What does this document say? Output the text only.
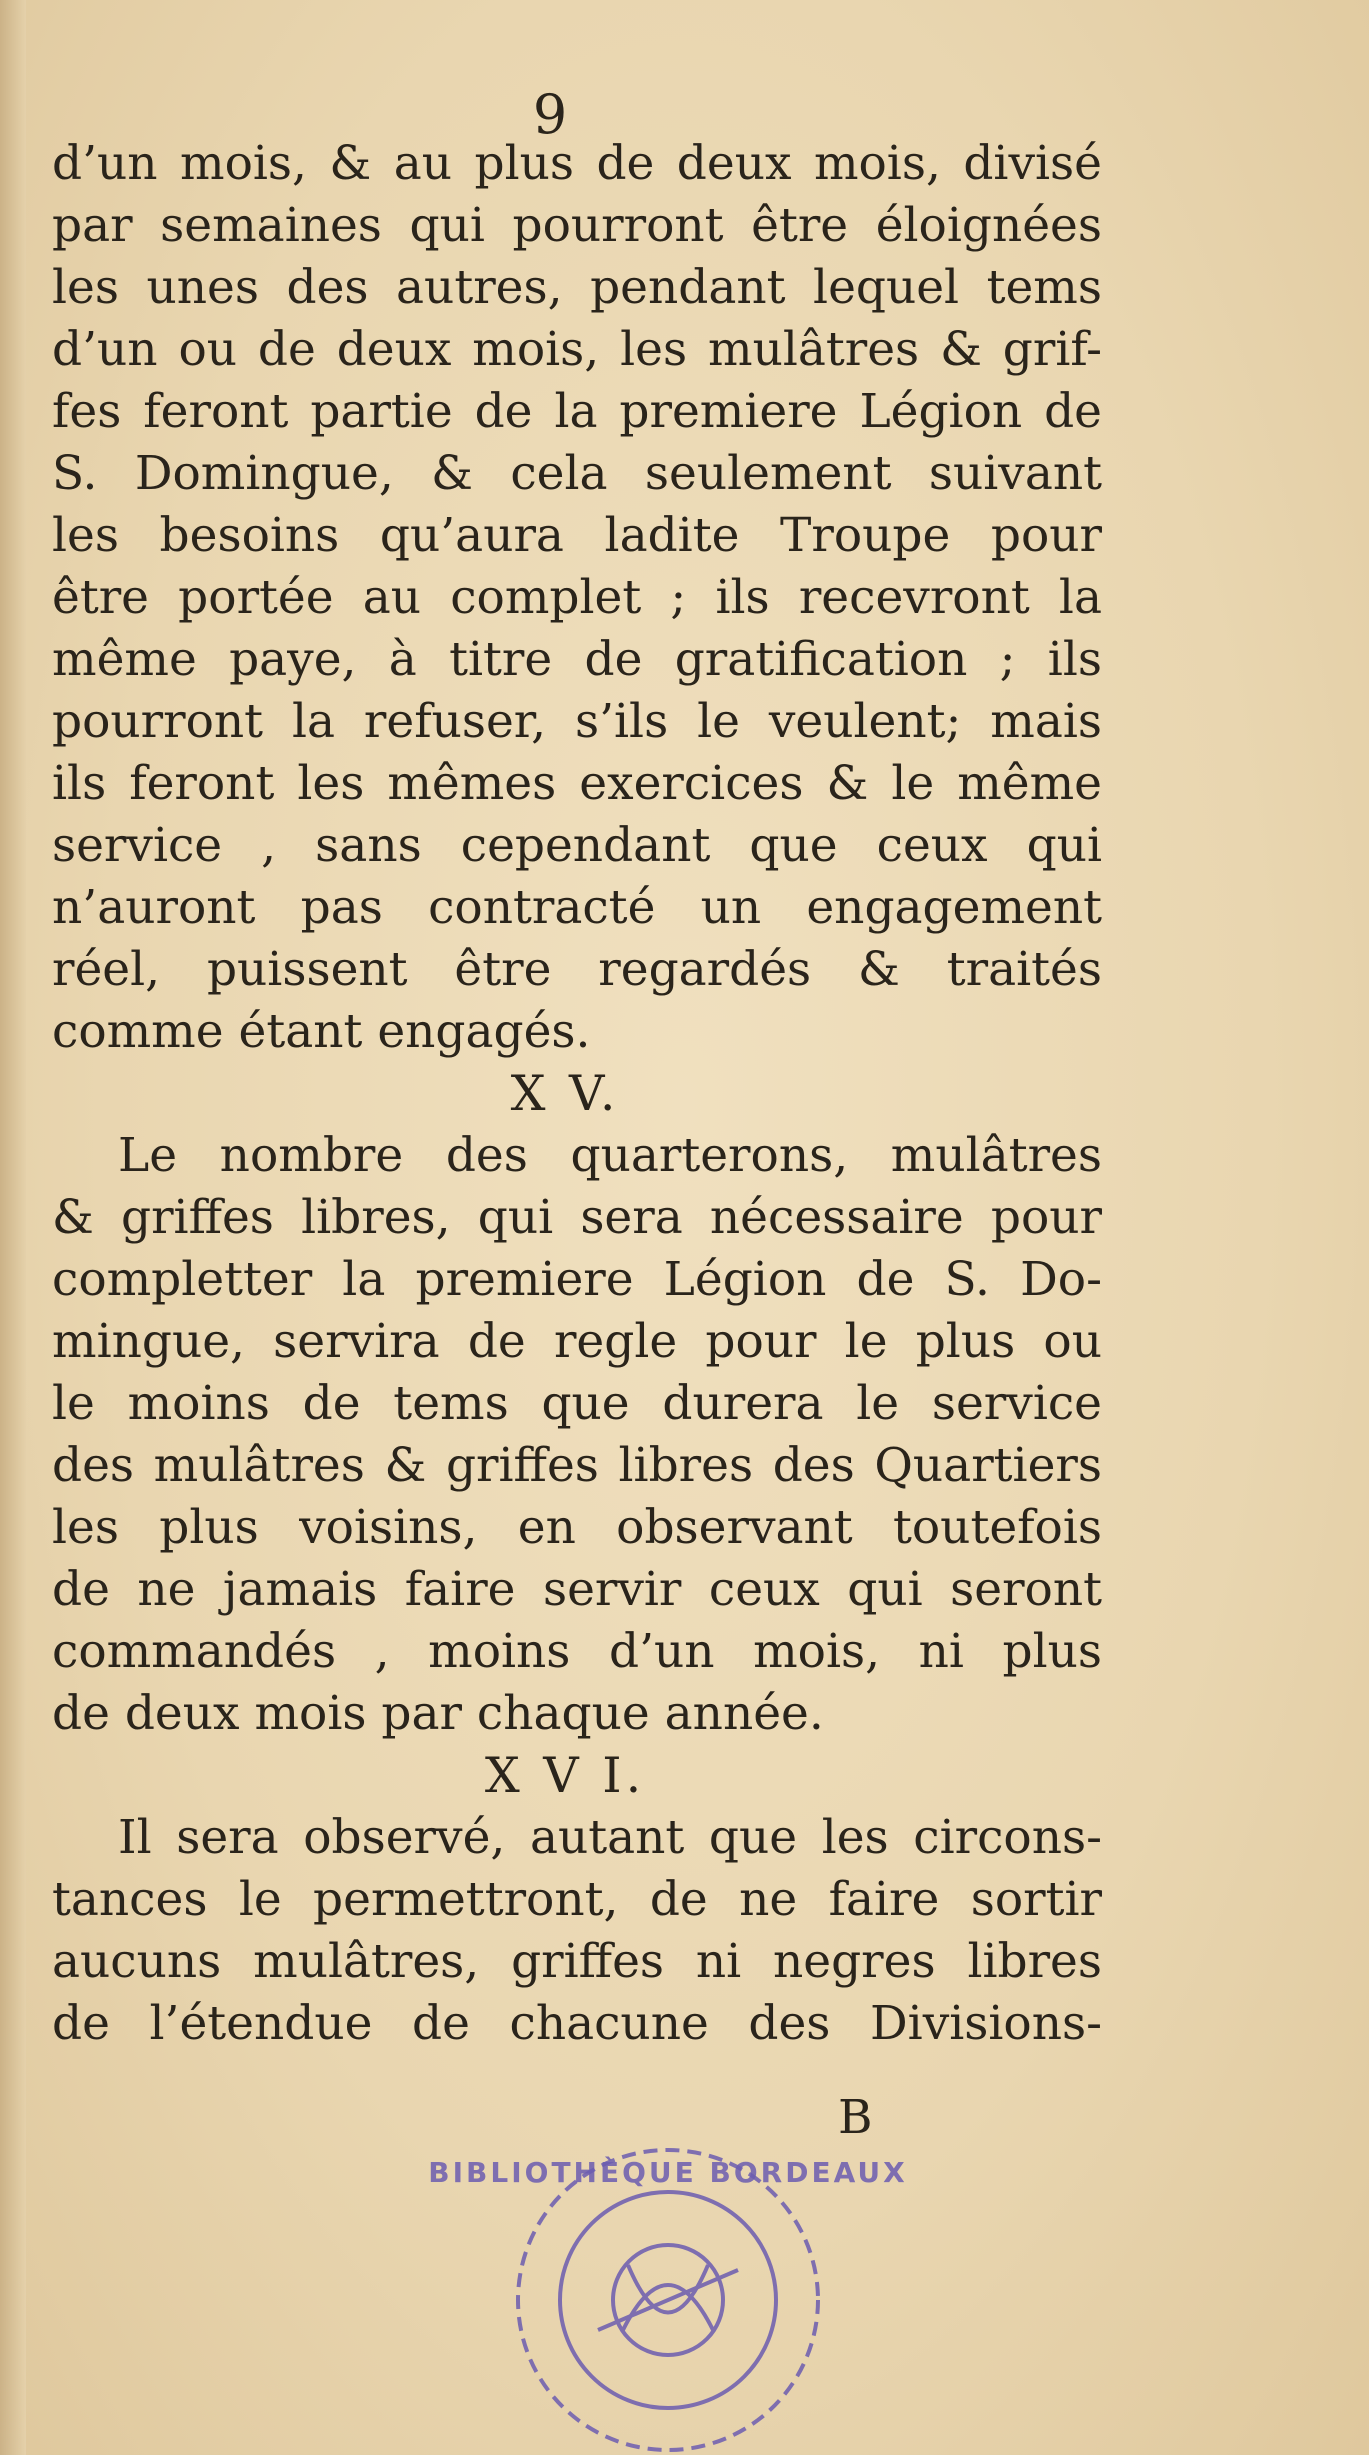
9
d’un mois, & au plus de deux mois, divisé
par semaines qui pourront être éloignées
les unes des autres, pendant lequel tems
d’un ou de deux mois, les mulâtres & grif-
fes feront partie de la premiere Légion de
S. Domingue, & cela seulement suivant
les besoins qu’aura ladite Troupe pour
être portée au complet ; ils recevront la
même paye, à titre de gratification ; ils
pourront la refuser, s’ils le veulent; mais
ils feront les mêmes exercices & le même
service , sans cependant que ceux qui
n’auront pas contracté un engagement
réel, puissent être regardés & traités
comme étant engagés.
X V.
Le nombre des quarterons, mulâtres
& griffes libres, qui sera nécessaire pour
completter la premiere Légion de S. Do-
mingue, servira de regle pour le plus ou
le moins de tems que durera le service
des mulâtres & griffes libres des Quartiers
les plus voisins, en observant toutefois
de ne jamais faire servir ceux qui seront
commandés , moins d’un mois, ni plus
de deux mois par chaque année.
X V I.
Il sera observé, autant que les circons-
tances le permettront, de ne faire sortir
aucuns mulâtres, griffes ni negres libres
de l’étendue de chacune des Divisions-
B
BIBLIOTHÈQUE BORDEAUX
